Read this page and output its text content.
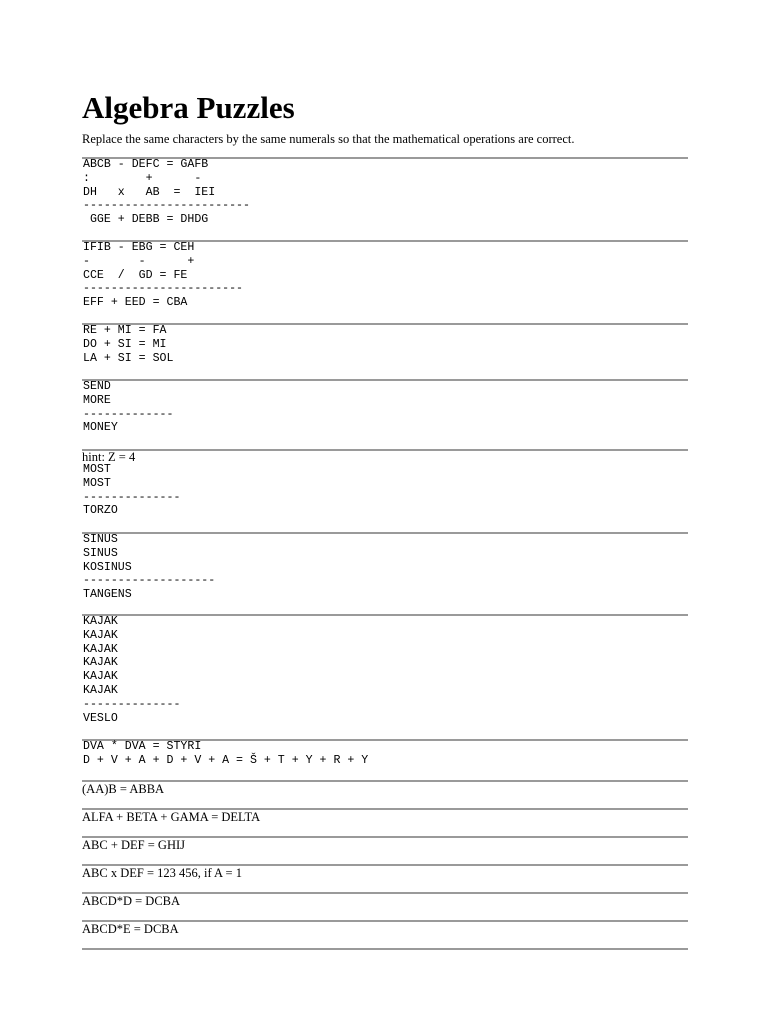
Algebra Puzzles
Replace the same characters by the same numerals so that the mathematical operations are correct.
ABCB - DEFC = GAFB
:        +      -
DH   x   AB  =  IEI
------------------------
GGE + DEBB = DHDG
IFIB - EBG = CEH
-       -      +
CCE  /  GD = FE
-----------------------
EFF + EED = CBA
RE + MI = FA
DO + SI = MI
LA + SI = SOL
SEND
MORE
-------------
MONEY
hint: Z = 4
MOST
MOST
--------------
TORZO
SINUS
SINUS
KOSINUS
-------------------
TANGENS
KAJAK
KAJAK
KAJAK
KAJAK
KAJAK
KAJAK
--------------
VESLO
DVA * DVA = STYRI
D + V + A + D + V + A = Š + T + Y + R + Y
(AA)B = ABBA
ALFA + BETA + GAMA = DELTA
ABC + DEF = GHIJ
ABC x DEF = 123 456, if A = 1
ABCD*D = DCBA
ABCD*E = DCBA
